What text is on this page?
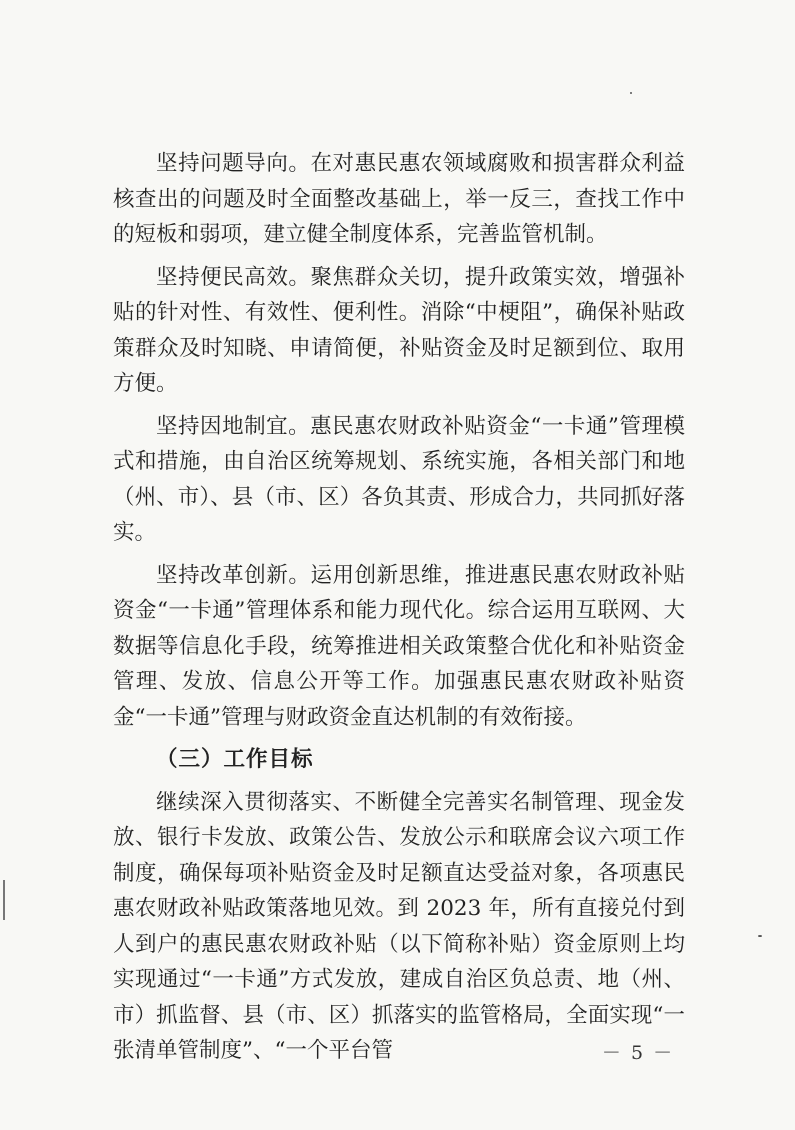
坚持问题导向。在对惠民惠农领域腐败和损害群众利益核查出的问题及时全面整改基础上，举一反三，查找工作中的短板和弱项，建立健全制度体系，完善监管机制。

坚持便民高效。聚焦群众关切，提升政策实效，增强补贴的针对性、有效性、便利性。消除“中梗阻”，确保补贴政策群众及时知晓、申请简便，补贴资金及时足额到位、取用方便。

坚持因地制宜。惠民惠农财政补贴资金“一卡通”管理模式和措施，由自治区统筹规划、系统实施，各相关部门和地（州、市）、县（市、区）各负其责、形成合力，共同抓好落实。

坚持改革创新。运用创新思维，推进惠民惠农财政补贴资金“一卡通”管理体系和能力现代化。综合运用互联网、大数据等信息化手段，统筹推进相关政策整合优化和补贴资金管理、发放、信息公开等工作。加强惠民惠农财政补贴资金“一卡通”管理与财政资金直达机制的有效衔接。

（三）工作目标

继续深入贯彻落实、不断健全完善实名制管理、现金发放、银行卡发放、政策公告、发放公示和联席会议六项工作制度，确保每项补贴资金及时足额直达受益对象，各项惠民惠农财政补贴政策落地见效。到 2023 年，所有直接兑付到人到户的惠民惠农财政补贴（以下简称补贴）资金原则上均实现通过“一卡通”方式发放，建成自治区负总责、地（州、市）抓监督、县（市、区）抓落实的监管格局，全面实现“一张清单管制度”、“一个平台管	－ 5 －
